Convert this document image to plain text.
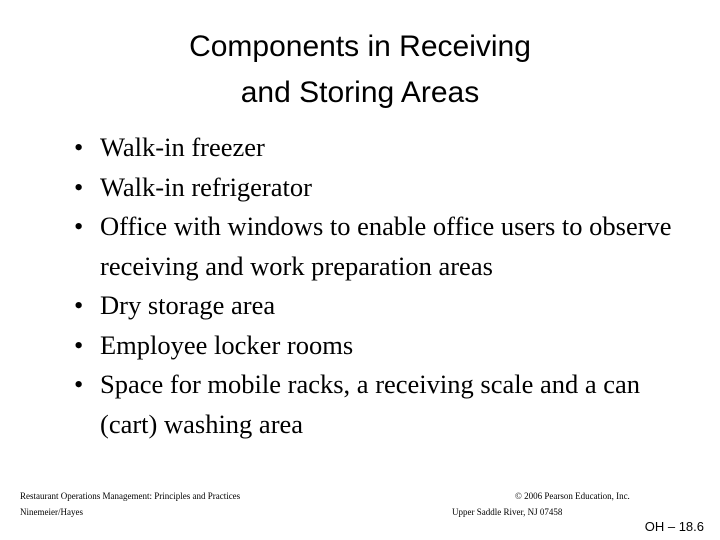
Components in Receiving
and Storing Areas
• Walk-in freezer
• Walk-in refrigerator
• Office with windows to enable office users to observe receiving and work preparation areas
• Dry storage area
• Employee locker rooms
• Space for mobile racks, a receiving scale and a can (cart) washing area
Restaurant Operations Management: Principles and Practices
Ninemeier/Hayes
© 2006 Pearson Education, Inc.
Upper Saddle River, NJ 07458
OH – 18.6
